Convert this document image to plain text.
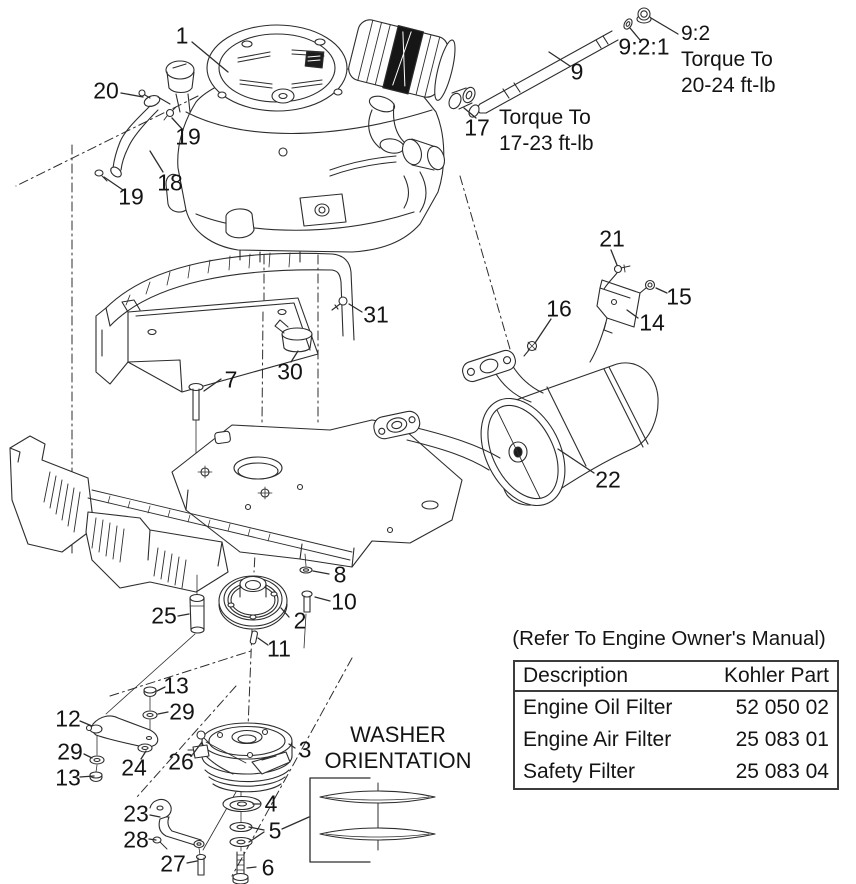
1
20
19
18
19
9
9:2:1
17
21
15
16
14
31
30
7
22
8
10
25	2
11
13
29
12
29
13 24 26	3
4
5
23
28
27	6
9:2
Torque To
20-24 ft-lb
Torque To
17-23 ft-lb
WASHER
ORIENTATION
(Refer To Engine Owner's Manual)
Description	Kohler Part
Engine Oil Filter	52 050 02
Engine Air Filter	25 083 01
Safety Filter	25 083 04
